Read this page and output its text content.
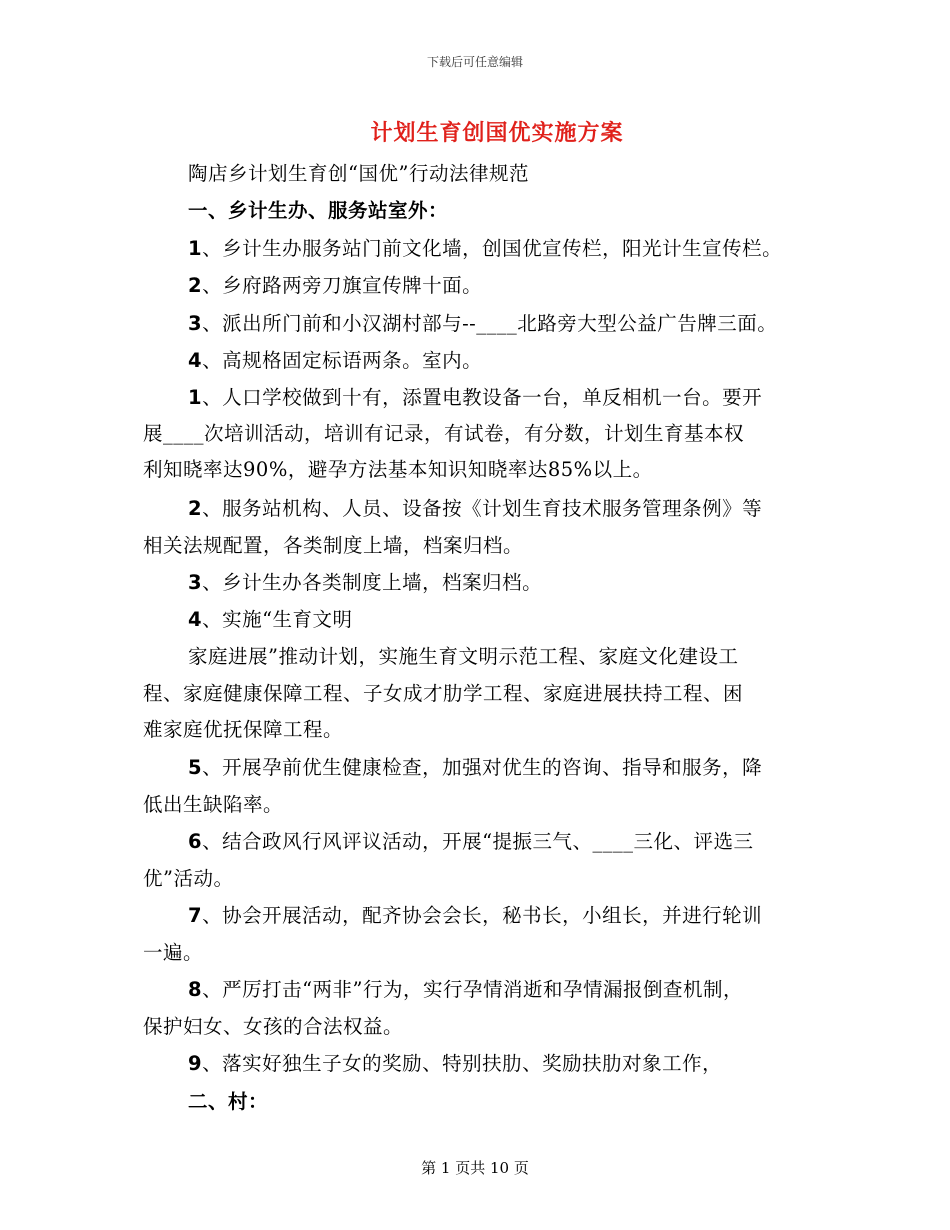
下载后可任意编辑
计划生育创国优实施方案
陶店乡计划生育创“国优”行动法律规范
一、乡计生办、服务站室外：
1、乡计生办服务站门前文化墙，创国优宣传栏，阳光计生宣传栏。
2、乡府路两旁刀旗宣传牌十面。
3、派出所门前和小汉湖村部与--____北路旁大型公益广告牌三面。
4、高规格固定标语两条。室内。
1、人口学校做到十有，添置电教设备一台，单反相机一台。要开
展____次培训活动，培训有记录，有试卷，有分数，计划生育基本权
利知晓率达90%，避孕方法基本知识知晓率达85%以上。
2、服务站机构、人员、设备按《计划生育技术服务管理条例》等
相关法规配置，各类制度上墙，档案归档。
3、乡计生办各类制度上墙，档案归档。
4、实施“生育文明
家庭进展”推动计划，实施生育文明示范工程、家庭文化建设工
程、家庭健康保障工程、子女成才肋学工程、家庭进展扶持工程、困
难家庭优抚保障工程。
5、开展孕前优生健康检查，加强对优生的咨询、指导和服务，降
低出生缺陷率。
6、结合政风行风评议活动，开展“提振三气、____三化、评选三
优”活动。
7、协会开展活动，配齐协会会长，秘书长，小组长，并进行轮训
一遍。
8、严厉打击“两非”行为，实行孕情消逝和孕情漏报倒查机制，
保护妇女、女孩的合法权益。
9、落实好独生子女的奖励、特别扶肋、奖励扶肋对象工作，
二、村：
第 1 页共 10 页
